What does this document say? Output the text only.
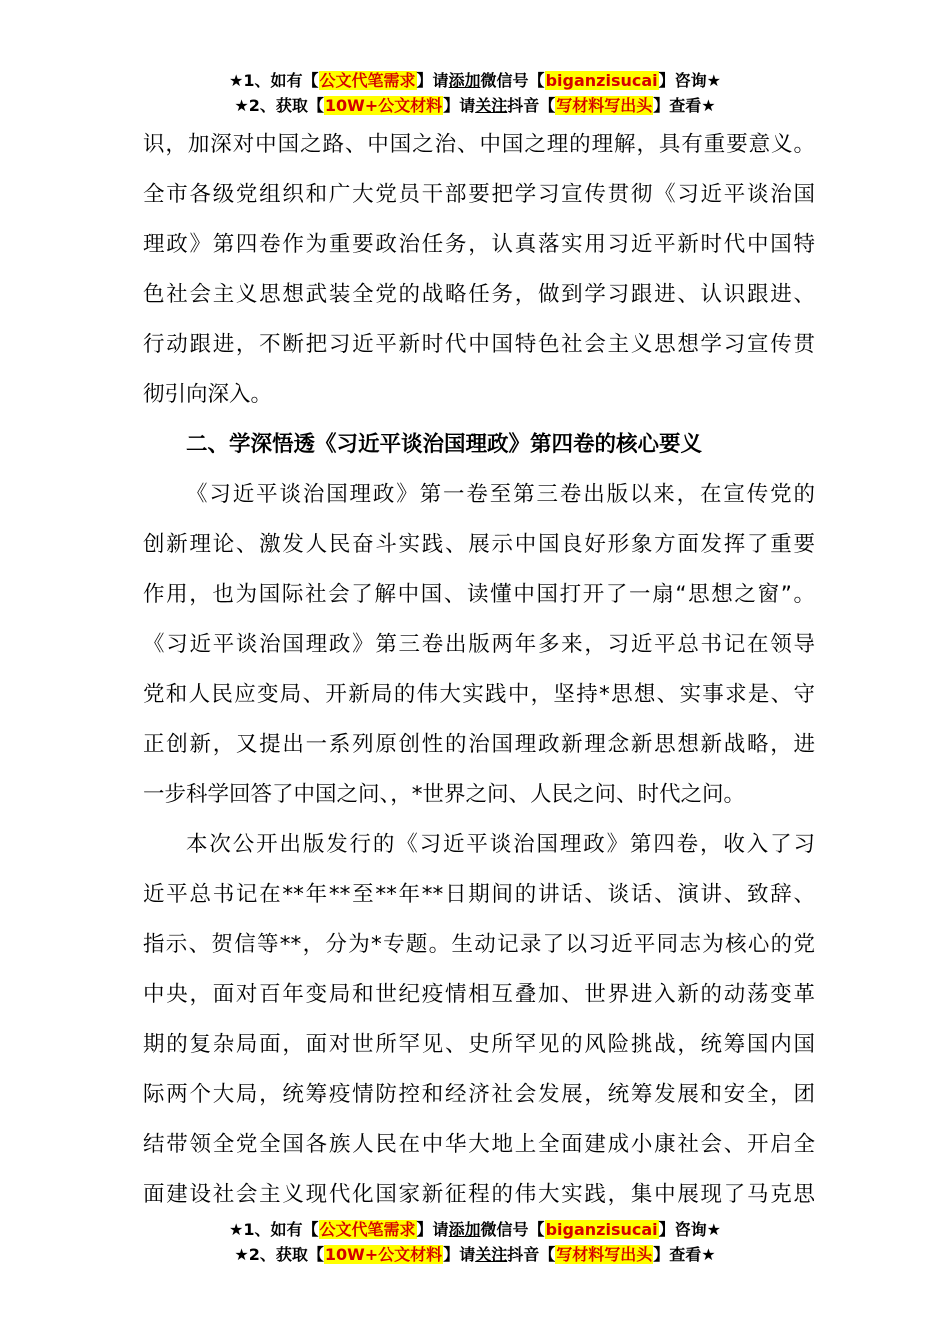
★1、如有【公文代笔需求】请添加微信号【biganzisucai】咨询★
★2、获取【10W+公文材料】请关注抖音【写材料写出头】查看★
识，加深对中国之路、中国之治、中国之理的理解，具有重要意义。
全市各级党组织和广大党员干部要把学习宣传贯彻《习近平谈治国
理政》第四卷作为重要政治任务，认真落实用习近平新时代中国特
色社会主义思想武装全党的战略任务，做到学习跟进、认识跟进、
行动跟进，不断把习近平新时代中国特色社会主义思想学习宣传贯
彻引向深入。
二、学深悟透《习近平谈治国理政》第四卷的核心要义
《习近平谈治国理政》第一卷至第三卷出版以来，在宣传党的
创新理论、激发人民奋斗实践、展示中国良好形象方面发挥了重要
作用，也为国际社会了解中国、读懂中国打开了一扇“思想之窗”。
《习近平谈治国理政》第三卷出版两年多来，习近平总书记在领导
党和人民应变局、开新局的伟大实践中，坚持*思想、实事求是、守
正创新，又提出一系列原创性的治国理政新理念新思想新战略，进
一步科学回答了中国之问、，*世界之问、人民之问、时代之问。
本次公开出版发行的《习近平谈治国理政》第四卷，收入了习
近平总书记在**年**至**年**日期间的讲话、谈话、演讲、致辞、
指示、贺信等**，分为*专题。生动记录了以习近平同志为核心的党
中央，面对百年变局和世纪疫情相互叠加、世界进入新的动荡变革
期的复杂局面，面对世所罕见、史所罕见的风险挑战，统筹国内国
际两个大局，统筹疫情防控和经济社会发展，统筹发展和安全，团
结带领全党全国各族人民在中华大地上全面建成小康社会、开启全
面建设社会主义现代化国家新征程的伟大实践，集中展现了马克思
★1、如有【公文代笔需求】请添加微信号【biganzisucai】咨询★
★2、获取【10W+公文材料】请关注抖音【写材料写出头】查看★
